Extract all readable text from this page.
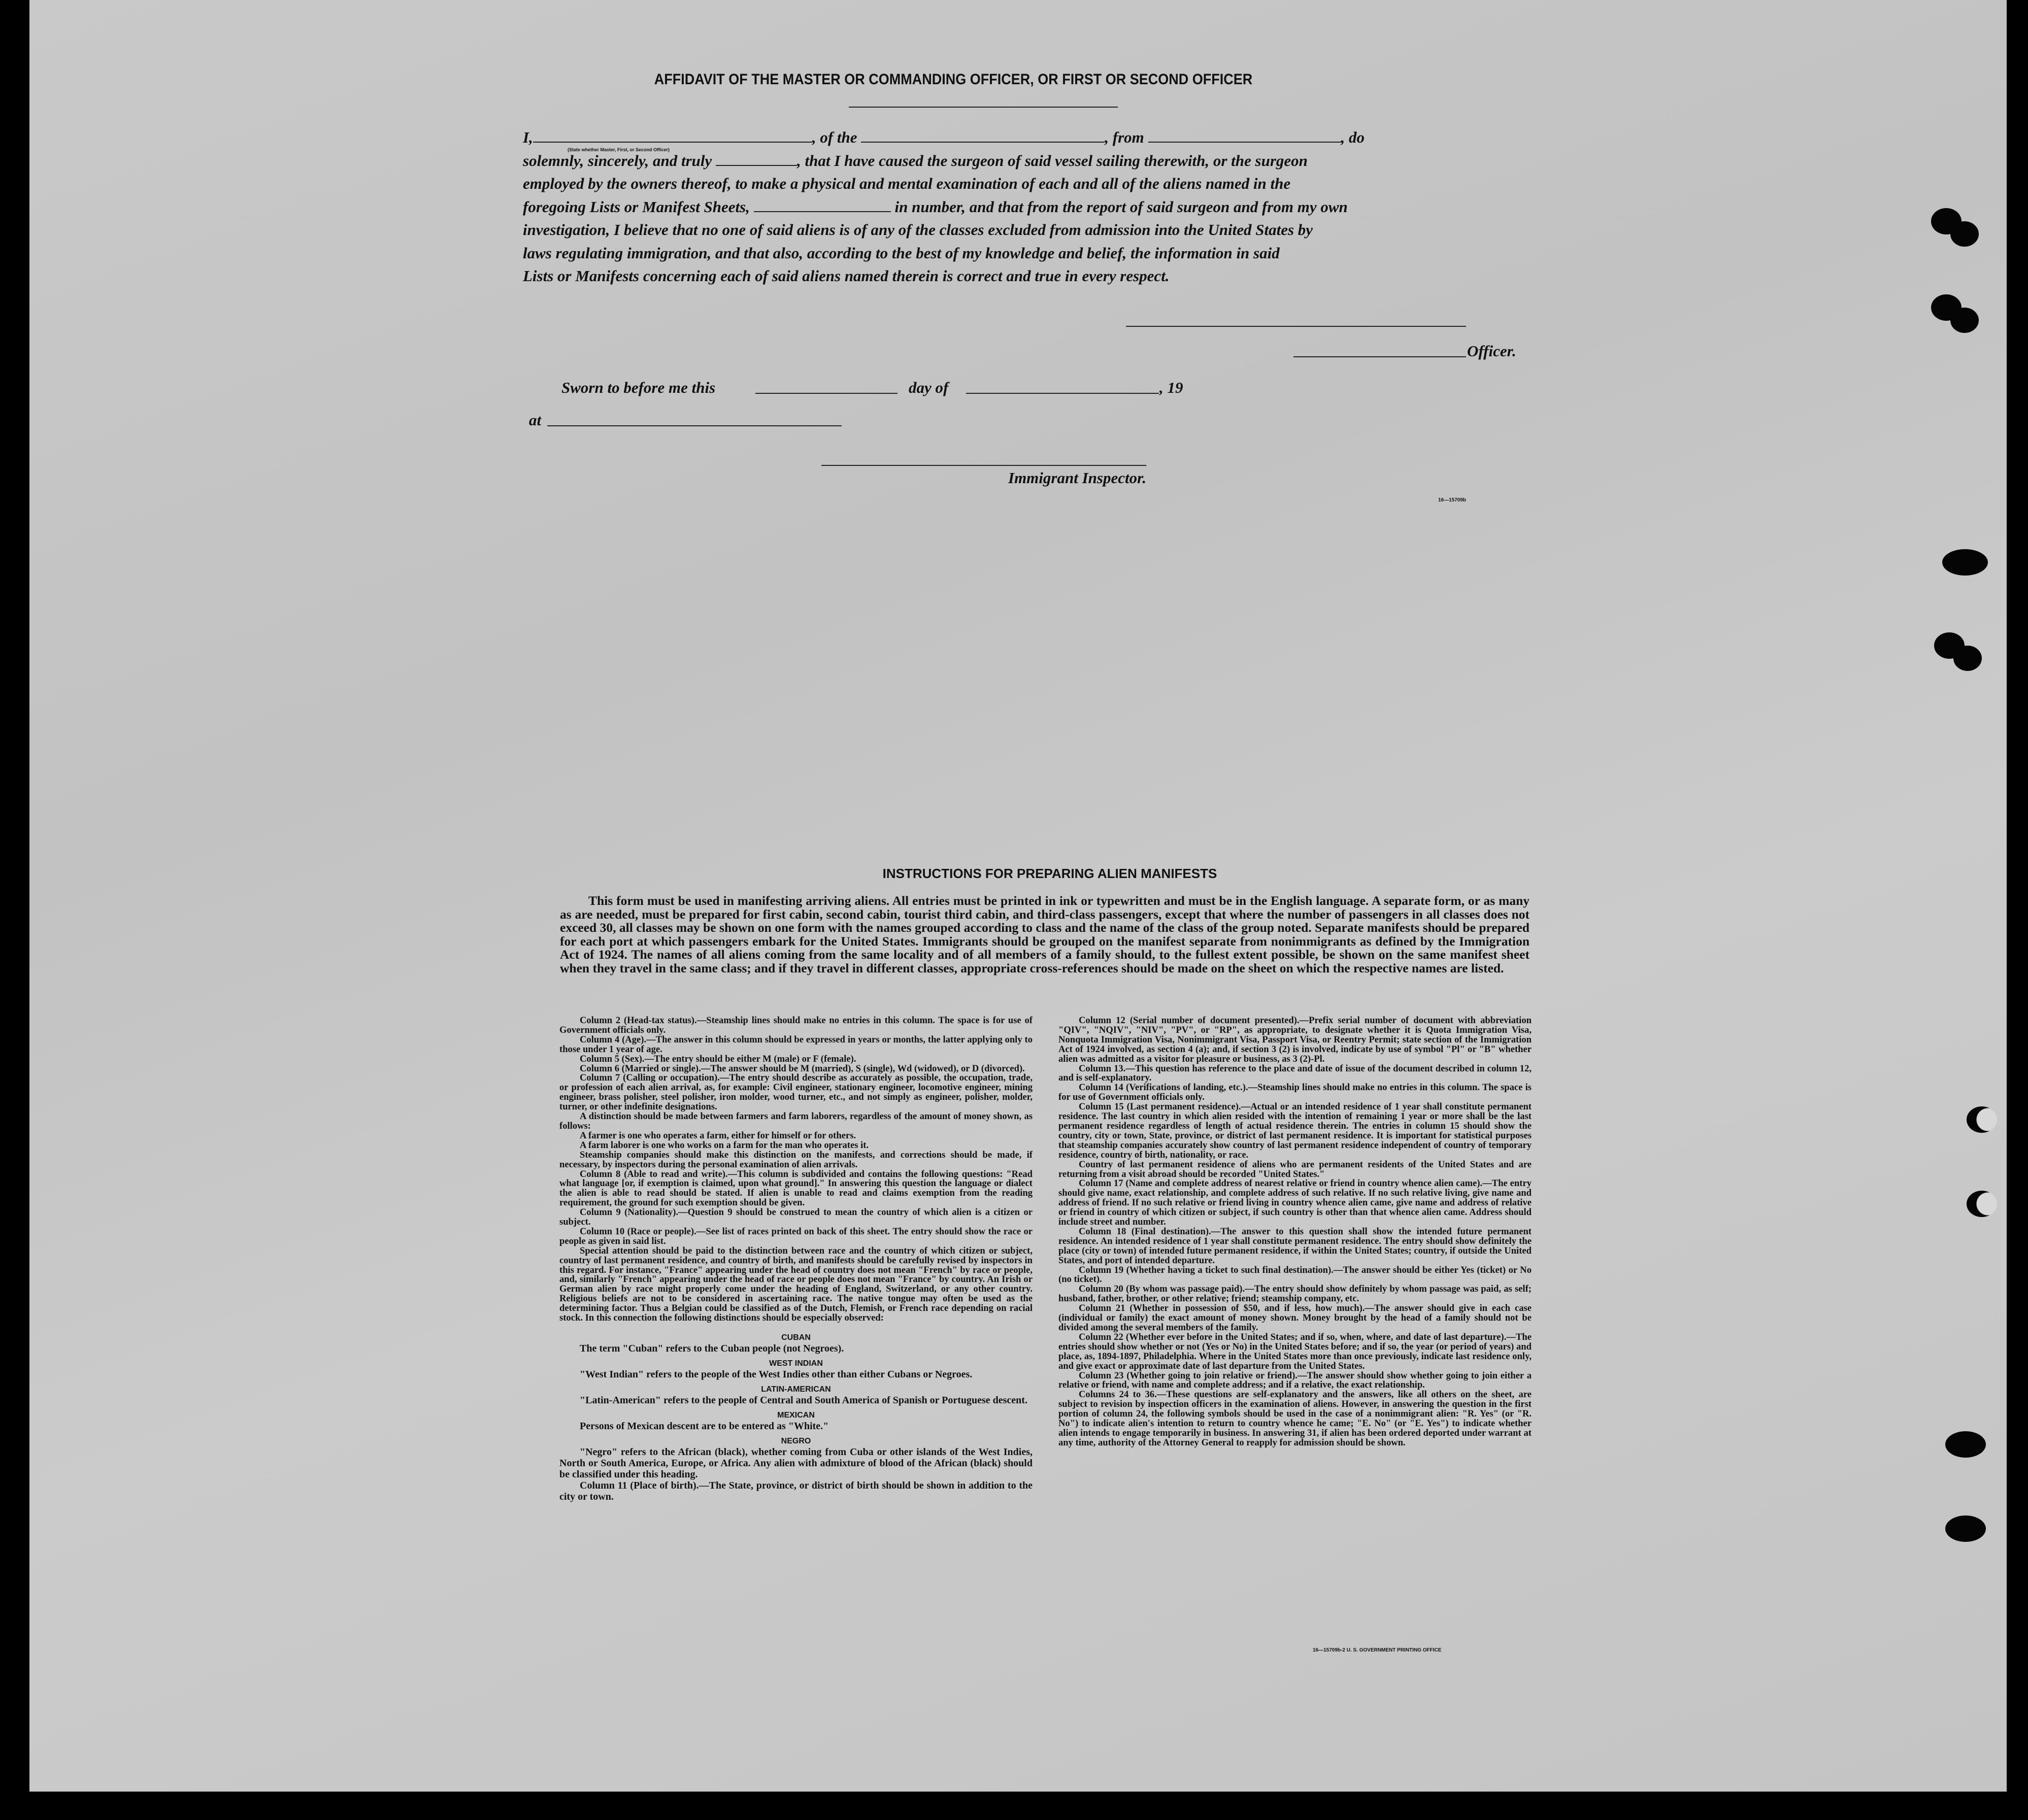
AFFIDAVIT OF THE MASTER OR COMMANDING OFFICER, OR FIRST OR SECOND OFFICER
I,	, of the	, from	, do
solemnly, sincerely, and truly	, that I have caused the surgeon of said vessel sailing therewith, or the surgeon
employed by the owners thereof, to make a physical and mental examination of each and all of the aliens named in the
foregoing Lists or Manifest Sheets,	in number, and that from the report of said surgeon and from my own
investigation, I believe that no one of said aliens is of any of the classes excluded from admission into the United States by
laws regulating immigration, and that also, according to the best of my knowledge and belief, the information in said
Lists or Manifests concerning each of said aliens named therein is correct and true in every respect.
(State whether Master, First, or Second Officer)
Officer.
Sworn to before me this	day of	, 19
at
Immigrant Inspector.
16—15709b
INSTRUCTIONS FOR PREPARING ALIEN MANIFESTS

This form must be used in manifesting arriving aliens. All entries must be printed in ink or typewritten and must be in the English language. A separate form, or as many as are needed, must be prepared for first cabin, second cabin, tourist third cabin, and third-class passengers, except that where the number of passengers in all classes does not exceed 30, all classes may be shown on one form with the names grouped according to class and the name of the class of the group noted. Separate manifests should be prepared for each port at which passengers embark for the United States. Immigrants should be grouped on the manifest separate from nonimmigrants as defined by the Immigration Act of 1924. The names of all aliens coming from the same locality and of all members of a family should, to the fullest extent possible, be shown on the same manifest sheet when they travel in the same class; and if they travel in different classes, appropriate cross-references should be made on the sheet on which the respective names are listed.

Column 2 (Head-tax status).—Steamship lines should make no entries in this column. The space is for use of Government officials only.

Column 4 (Age).—The answer in this column should be expressed in years or months, the latter applying only to those under 1 year of age.

Column 5 (Sex).—The entry should be either M (male) or F (female).

Column 6 (Married or single).—The answer should be M (married), S (single), Wd (widowed), or D (divorced).

Column 7 (Calling or occupation).—The entry should describe as accurately as possible, the occupation, trade, or profession of each alien arrival, as, for example: Civil engineer, stationary engineer, locomotive engineer, mining engineer, brass polisher, steel polisher, iron molder, wood turner, etc., and not simply as engineer, polisher, molder, turner, or other indefinite designations.

A distinction should be made between farmers and farm laborers, regardless of the amount of money shown, as follows:

A farmer is one who operates a farm, either for himself or for others.

A farm laborer is one who works on a farm for the man who operates it.

Steamship companies should make this distinction on the manifests, and corrections should be made, if necessary, by inspectors during the personal examination of alien arrivals.

Column 8 (Able to read and write).—This column is subdivided and contains the following questions: "Read what language [or, if exemption is claimed, upon what ground]." In answering this question the language or dialect the alien is able to read should be stated. If alien is unable to read and claims exemption from the reading requirement, the ground for such exemption should be given.

Column 9 (Nationality).—Question 9 should be construed to mean the country of which alien is a citizen or subject.

Column 10 (Race or people).—See list of races printed on back of this sheet. The entry should show the race or people as given in said list.

Special attention should be paid to the distinction between race and the country of which citizen or subject, country of last permanent residence, and country of birth, and manifests should be carefully revised by inspectors in this regard. For instance, "France" appearing under the head of country does not mean "French" by race or people, and, similarly "French" appearing under the head of race or people does not mean "France" by country. An Irish or German alien by race might properly come under the heading of England, Switzerland, or any other country. Religious beliefs are not to be considered in ascertaining race. The native tongue may often be used as the determining factor. Thus a Belgian could be classified as of the Dutch, Flemish, or French race depending on racial stock. In this connection the following distinctions should be especially observed:

CUBAN

The term "Cuban" refers to the Cuban people (not Negroes).

WEST INDIAN

"West Indian" refers to the people of the West Indies other than either Cubans or Negroes.

LATIN-AMERICAN

"Latin-American" refers to the people of Central and South America of Spanish or Portuguese descent.

MEXICAN

Persons of Mexican descent are to be entered as "White."

NEGRO

"Negro" refers to the African (black), whether coming from Cuba or other islands of the West Indies, North or South America, Europe, or Africa. Any alien with admixture of blood of the African (black) should be classified under this heading.

Column 11 (Place of birth).—The State, province, or district of birth should be shown in addition to the city or town.

Column 12 (Serial number of document presented).—Prefix serial number of document with abbreviation "QIV", "NQIV", "NIV", "PV", or "RP", as appropriate, to designate whether it is Quota Immigration Visa, Nonquota Immigration Visa, Nonimmigrant Visa, Passport Visa, or Reentry Permit; state section of the Immigration Act of 1924 involved, as section 4 (a); and, if section 3 (2) is involved, indicate by use of symbol "Pl" or "B" whether alien was admitted as a visitor for pleasure or business, as 3 (2)-Pl.

Column 13.—This question has reference to the place and date of issue of the document described in column 12, and is self-explanatory.

Column 14 (Verifications of landing, etc.).—Steamship lines should make no entries in this column. The space is for use of Government officials only.

Column 15 (Last permanent residence).—Actual or an intended residence of 1 year shall constitute permanent residence. The last country in which alien resided with the intention of remaining 1 year or more shall be the last permanent residence regardless of length of actual residence therein. The entries in column 15 should show the country, city or town, State, province, or district of last permanent residence. It is important for statistical purposes that steamship companies accurately show country of last permanent residence independent of country of temporary residence, country of birth, nationality, or race.

Country of last permanent residence of aliens who are permanent residents of the United States and are returning from a visit abroad should be recorded "United States."

Column 17 (Name and complete address of nearest relative or friend in country whence alien came).—The entry should give name, exact relationship, and complete address of such relative. If no such relative living, give name and address of friend. If no such relative or friend living in country whence alien came, give name and address of relative or friend in country of which citizen or subject, if such country is other than that whence alien came. Address should include street and number.

Column 18 (Final destination).—The answer to this question shall show the intended future permanent residence. An intended residence of 1 year shall constitute permanent residence. The entry should show definitely the place (city or town) of intended future permanent residence, if within the United States; country, if outside the United States, and port of intended departure.

Column 19 (Whether having a ticket to such final destination).—The answer should be either Yes (ticket) or No (no ticket).

Column 20 (By whom was passage paid).—The entry should show definitely by whom passage was paid, as self; husband, father, brother, or other relative; friend; steamship company, etc.

Column 21 (Whether in possession of $50, and if less, how much).—The answer should give in each case (individual or family) the exact amount of money shown. Money brought by the head of a family should not be divided among the several members of the family.

Column 22 (Whether ever before in the United States; and if so, when, where, and date of last departure).—The entries should show whether or not (Yes or No) in the United States before; and if so, the year (or period of years) and place, as, 1894-1897, Philadelphia. Where in the United States more than once previously, indicate last residence only, and give exact or approximate date of last departure from the United States.

Column 23 (Whether going to join relative or friend).—The answer should show whether going to join either a relative or friend, with name and complete address; and if a relative, the exact relationship.

Columns 24 to 36.—These questions are self-explanatory and the answers, like all others on the sheet, are subject to revision by inspection officers in the examination of aliens. However, in answering the question in the first portion of column 24, the following symbols should be used in the case of a nonimmigrant alien: "R. Yes" (or "R. No") to indicate alien's intention to return to country whence he came; "E. No" (or "E. Yes") to indicate whether alien intends to engage temporarily in business. In answering 31, if alien has been ordered deported under warrant at any time, authority of the Attorney General to reapply for admission should be shown.

16—15709b-2 U. S. GOVERNMENT PRINTING OFFICE
